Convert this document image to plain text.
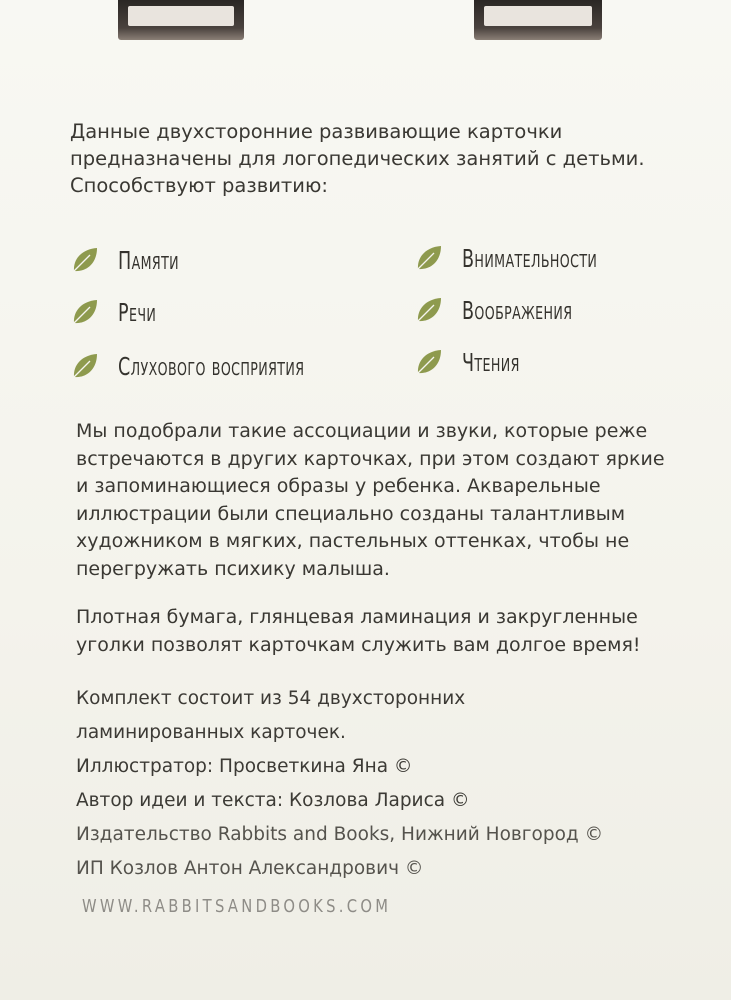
Данные двухсторонние развивающие карточки

предназначены для логопедических занятий с детьми.

Способствуют развитию:

Памяти
Речи
Слухового восприятия
Внимательности
Воображения
Чтения
Мы подобрали такие ассоциации и звуки, которые реже
встречаются в других карточках, при этом создают яркие
и запоминающиеся образы у ребенка. Акварельные
иллюстрации были специально созданы талантливым
художником в мягких, пастельных оттенках, чтобы не
перегружать психику малыша.
Плотная бумага, глянцевая ламинация и закругленные
уголки позволят карточкам служить вам долгое время!
Комплект состоит из 54 двухсторонних
ламинированных карточек.
Иллюстратор: Просветкина Яна ©
Автор идеи и текста: Козлова Лариса ©
Издательство Rabbits and Books, Нижний Новгород ©
ИП Козлов Антон Александрович ©
WWW.RABBITSANDBOOKS.COM
